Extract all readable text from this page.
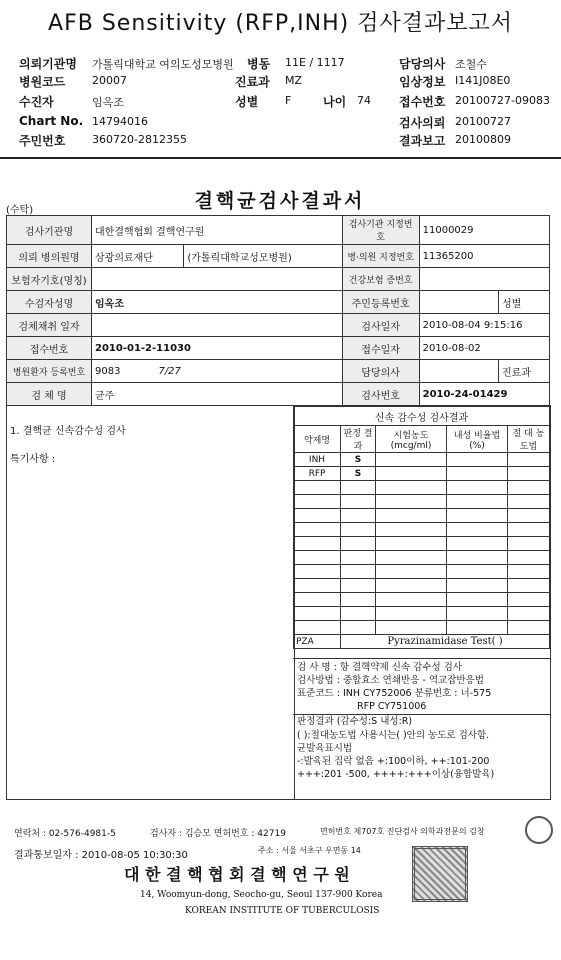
AFB Sensitivity (RFP,INH) 검사결과보고서
의뢰기관명 가톨릭대학교 여의도성모병원 병동 11E / 1117	담당의사 조철수
병원코드 20007	진료과 MZ	임상정보 I141J08E0
수진자	임옥조	성별 F	나이 74 접수번호 20100727-09083
Chart No. 14794016	검사의뢰 20100727
주민번호 360720-2812355	결과보고 20100809
결핵균검사결과서
(수탁)
검사기관명	대한결핵협회 결핵연구원		검사기관 지정번호	11000029	
의뢰 병의원명	삼광의료재단	(가톨릭대학교성모병원)	병·의원 지정번호	11365200	
보험자기호(명칭)			건강보험 증번호		
수검자성명	임옥조		주민등록번호		성별
검체채취 일자			검사일자	2010-08-04 9:15:16	
접수번호	2010-01-2-11030		접수일자	2010-08-02	
병원환자 등록번호	9083 7/27		담당의사		진료과
검 체 명	균주		검사번호	2010-24-01429	
1. 결핵균 신속감수성 검사
특기사항 :
신속 감수성 검사결과				
약제명	판정 결과	시험농도 (mcg/ml)	내성 비율법(%)	절 대 농도법
INH	S			
RFP	S			

PZA	Pyrazinamidase Test( )			
검 사 명 : 항 결핵약제 신속 감수성 검사
검사방법 : 중합효소 연쇄반응 - 역교잡반응법
표준코드 : INH CY752006 분류번호 : 너-575
RFP CY751006
판정결과 (감수성:S 내성:R)
( ):절대농도법 사용시는( )안의 농도로 검사함.
균발육표시법
-:발육된 집락 없음 +:100이하, ++:101-200
+++:201 -500, ++++:+++이상(융합발육)
연락처 : 02-576-4981-5	검사자 : 김승모 면허번호 : 42719	면허번호 제707호 진단검사 의학과전문의 김창
결과통보일자 : 2010-08-05 10:30:30	주소 : 서울 서초구 우면동 14
대 한 결 핵 협 회 결 핵 연 구 원
14, Woomyun-dong, Seocho-gu, Seoul 137-900 Korea
KOREAN INSTITUTE OF TUBERCULOSIS
